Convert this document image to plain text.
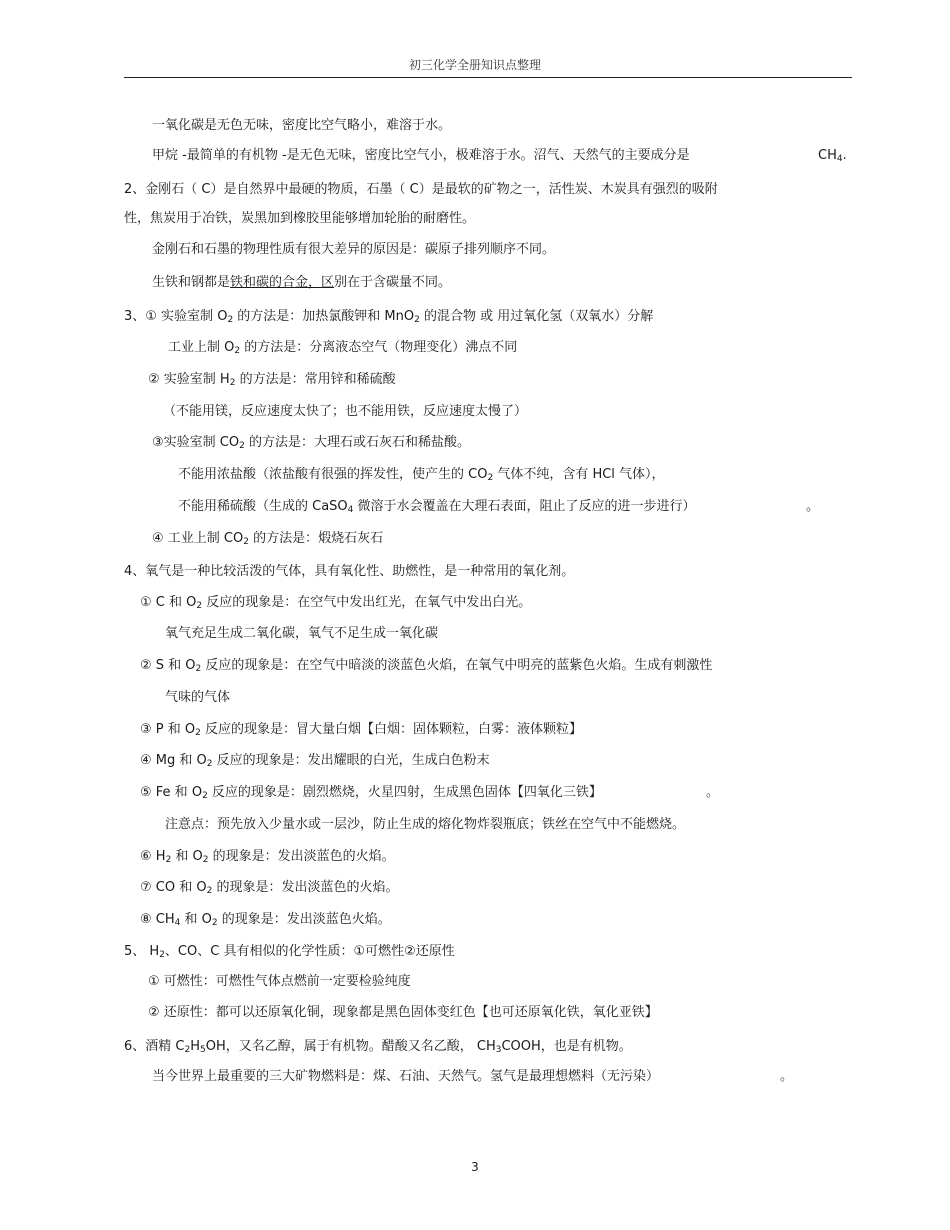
初三化学全册知识点整理
一氧化碳是无色无味，密度比空气略小，难溶于水。
甲烷 -最简单的有机物 -是无色无味，密度比空气小，极难溶于水。沼气、天然气的主要成分是	$CH_4$.
2、金刚石（ C）是自然界中最硬的物质，石墨（ C）是最软的矿物之一，活性炭、木炭具有强烈的吸附
性，焦炭用于冶铁，炭黑加到橡胶里能够增加轮胎的耐磨性。
金刚石和石墨的物理性质有很大差异的原因是：碳原子排列顺序不同。
生铁和钢都是铁和碳的合金，区别在于含碳量不同。
3、① 实验室制 $O_2$ 的方法是：加热氯酸钾和 MnO$_2$ 的混合物 或 用过氧化氢（双氧水）分解
工业上制 $O_2$ 的方法是：分离液态空气（物理变化）沸点不同
② 实验室制 $H_2$ 的方法是：常用锌和稀硫酸
（不能用镁，反应速度太快了；也不能用铁，反应速度太慢了）
③实验室制 $CO_2$ 的方法是：大理石或石灰石和稀盐酸。
不能用浓盐酸（浓盐酸有很强的挥发性，使产生的 $CO_2$ 气体不纯，含有 HCl 气体），
不能用稀硫酸（生成的 CaSO$_4$ 微溶于水会覆盖在大理石表面，阻止了反应的进一步进行）	。
④ 工业上制 $CO_2$ 的方法是：煅烧石灰石
4、氧气是一种比较活泼的气体，具有氧化性、助燃性，是一种常用的氧化剂。
① C 和 $O_2$ 反应的现象是：在空气中发出红光，在氧气中发出白光。
氧气充足生成二氧化碳，氧气不足生成一氧化碳
② S 和 $O_2$ 反应的现象是：在空气中暗淡的淡蓝色火焰，在氧气中明亮的蓝紫色火焰。生成有刺激性
气味的气体
③ P 和 $O_2$ 反应的现象是：冒大量白烟【白烟：固体颗粒，白雾：液体颗粒】
④ Mg 和 $O_2$ 反应的现象是：发出耀眼的白光，生成白色粉末
⑤ Fe 和 $O_2$ 反应的现象是：剧烈燃烧，火星四射，生成黑色固体【四氧化三铁】	。
注意点：预先放入少量水或一层沙，防止生成的熔化物炸裂瓶底；铁丝在空气中不能燃烧。
⑥ $H_2$ 和 $O_2$ 的现象是：发出淡蓝色的火焰。
⑦ CO 和 $O_2$ 的现象是：发出淡蓝色的火焰。
⑧ $CH_4$ 和 $O_2$ 的现象是：发出淡蓝色火焰。
5、 $H_2$、CO、C 具有相似的化学性质：①可燃性②还原性
① 可燃性：可燃性气体点燃前一定要检验纯度
② 还原性：都可以还原氧化铜，现象都是黑色固体变红色【也可还原氧化铁，氧化亚铁】
6、酒精 $C_2H_5OH$，又名乙醇，属于有机物。醋酸又名乙酸， $CH_3COOH$，也是有机物。
当今世界上最重要的三大矿物燃料是：煤、石油、天然气。氢气是最理想燃料（无污染）	。
3
